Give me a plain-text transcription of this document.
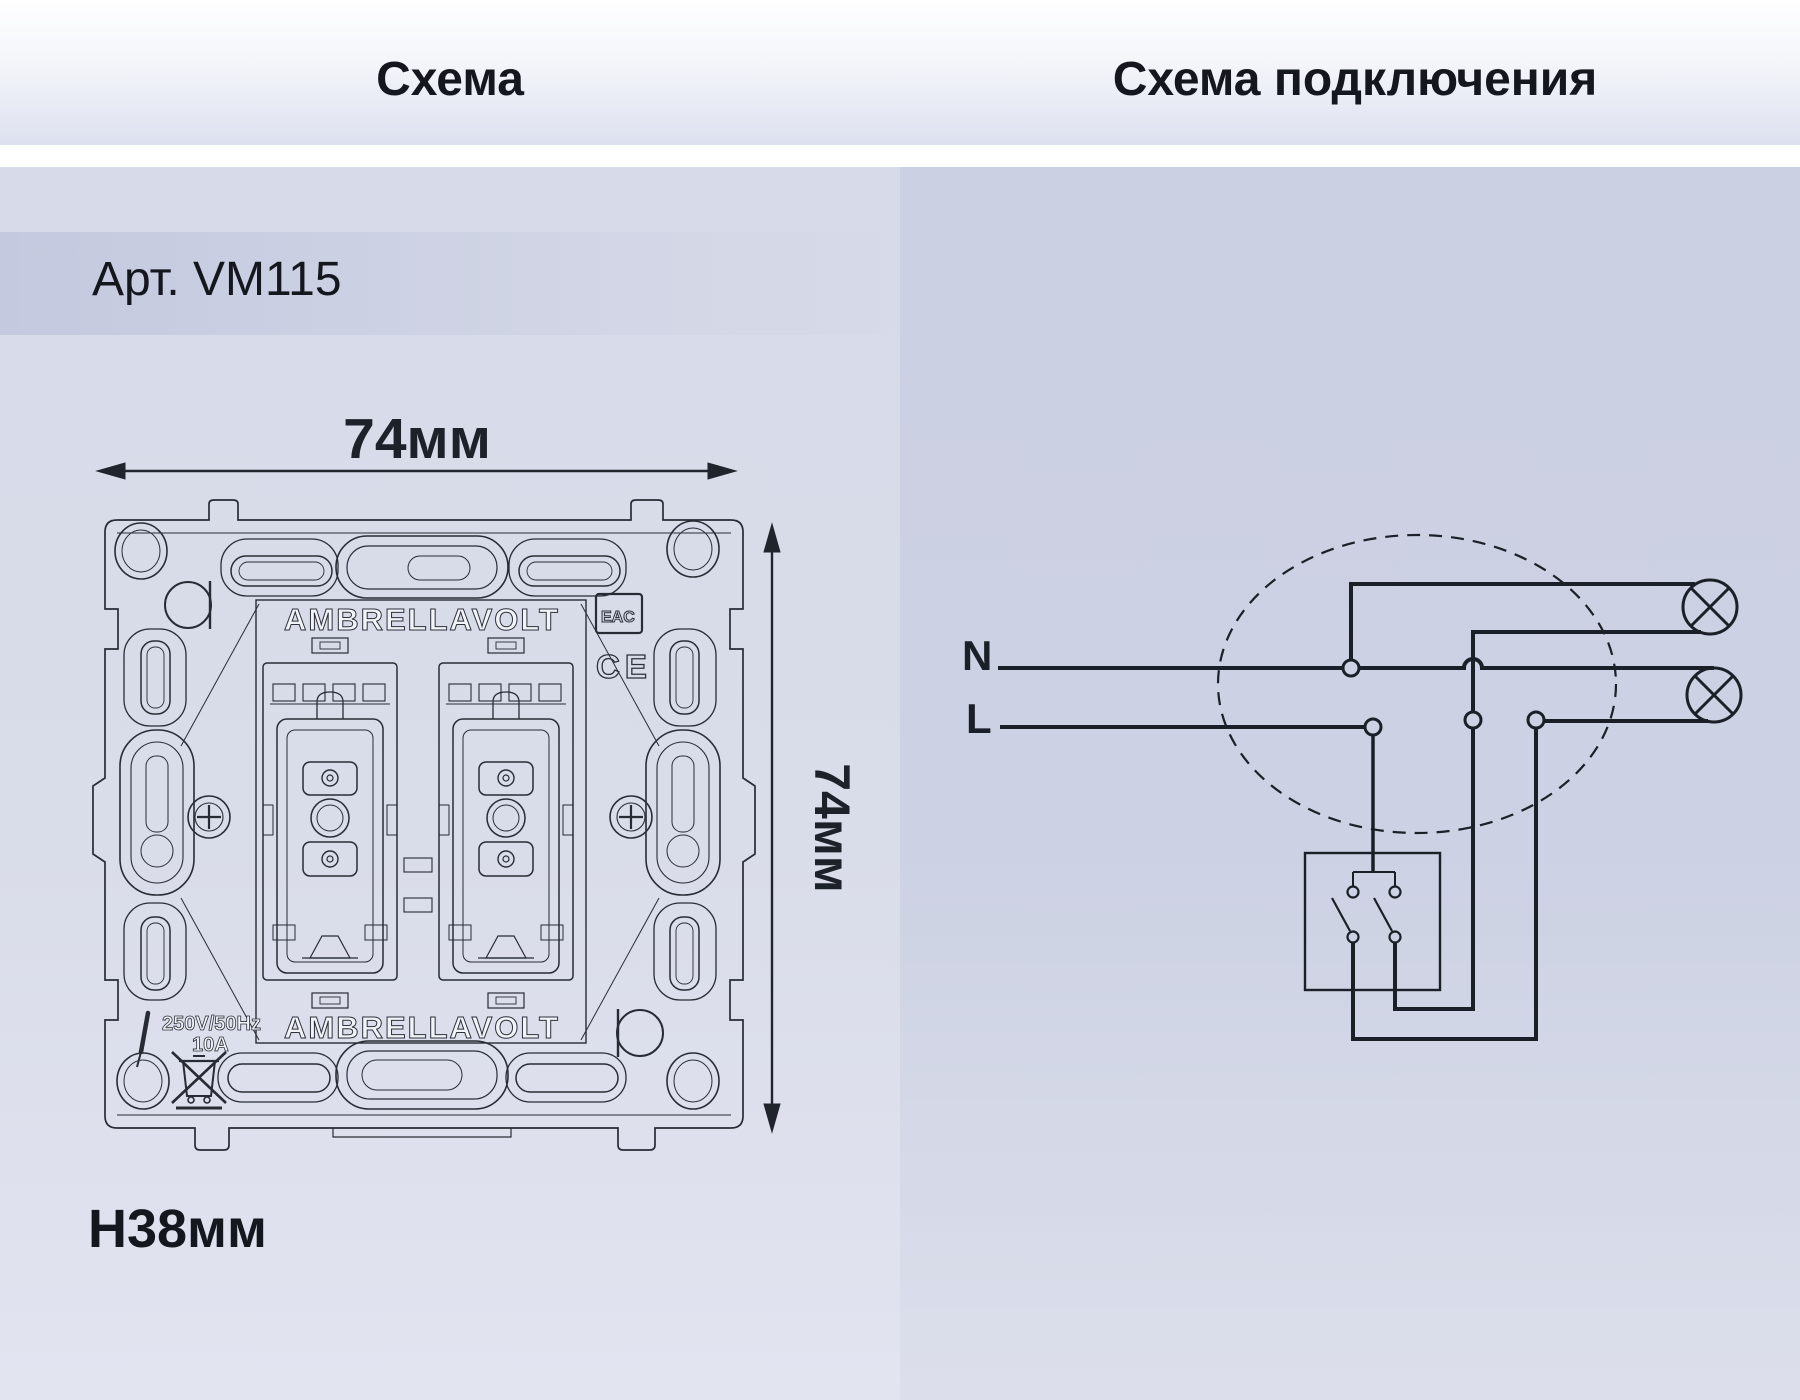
Схема	Схема подключения
Арт. VM115
H38мм
EAC
CE
AMBRELLAVOLT
AMBRELLAVOLT
250V/50Hz
10A
74мм
74мм
N
L
